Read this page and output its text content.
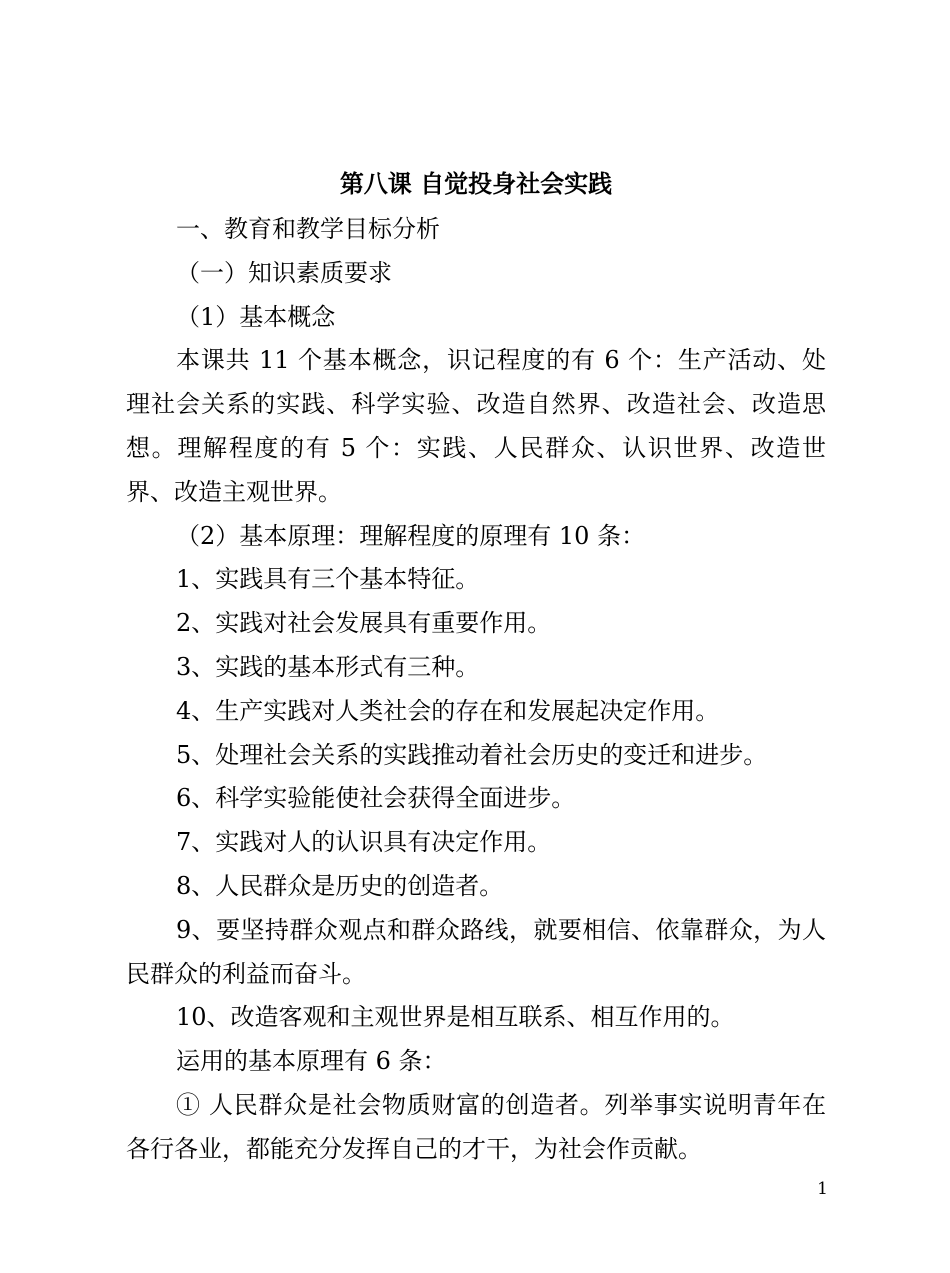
第八课 自觉投身社会实践

一、教育和教学目标分析

（一）知识素质要求

（1）基本概念

本课共 11 个基本概念，识记程度的有 6 个：生产活动、处理社会关系的实践、科学实验、改造自然界、改造社会、改造思想。理解程度的有 5 个：实践、人民群众、认识世界、改造世界、改造主观世界。

（2）基本原理：理解程度的原理有 10 条：

1、实践具有三个基本特征。

2、实践对社会发展具有重要作用。

3、实践的基本形式有三种。

4、生产实践对人类社会的存在和发展起决定作用。

5、处理社会关系的实践推动着社会历史的变迁和进步。

6、科学实验能使社会获得全面进步。

7、实践对人的认识具有决定作用。

8、人民群众是历史的创造者。

9、要坚持群众观点和群众路线，就要相信、依靠群众，为人民群众的利益而奋斗。

10、改造客观和主观世界是相互联系、相互作用的。

运用的基本原理有 6 条：

① 人民群众是社会物质财富的创造者。列举事实说明青年在各行各业，都能充分发挥自己的才干，为社会作贡献。

1
